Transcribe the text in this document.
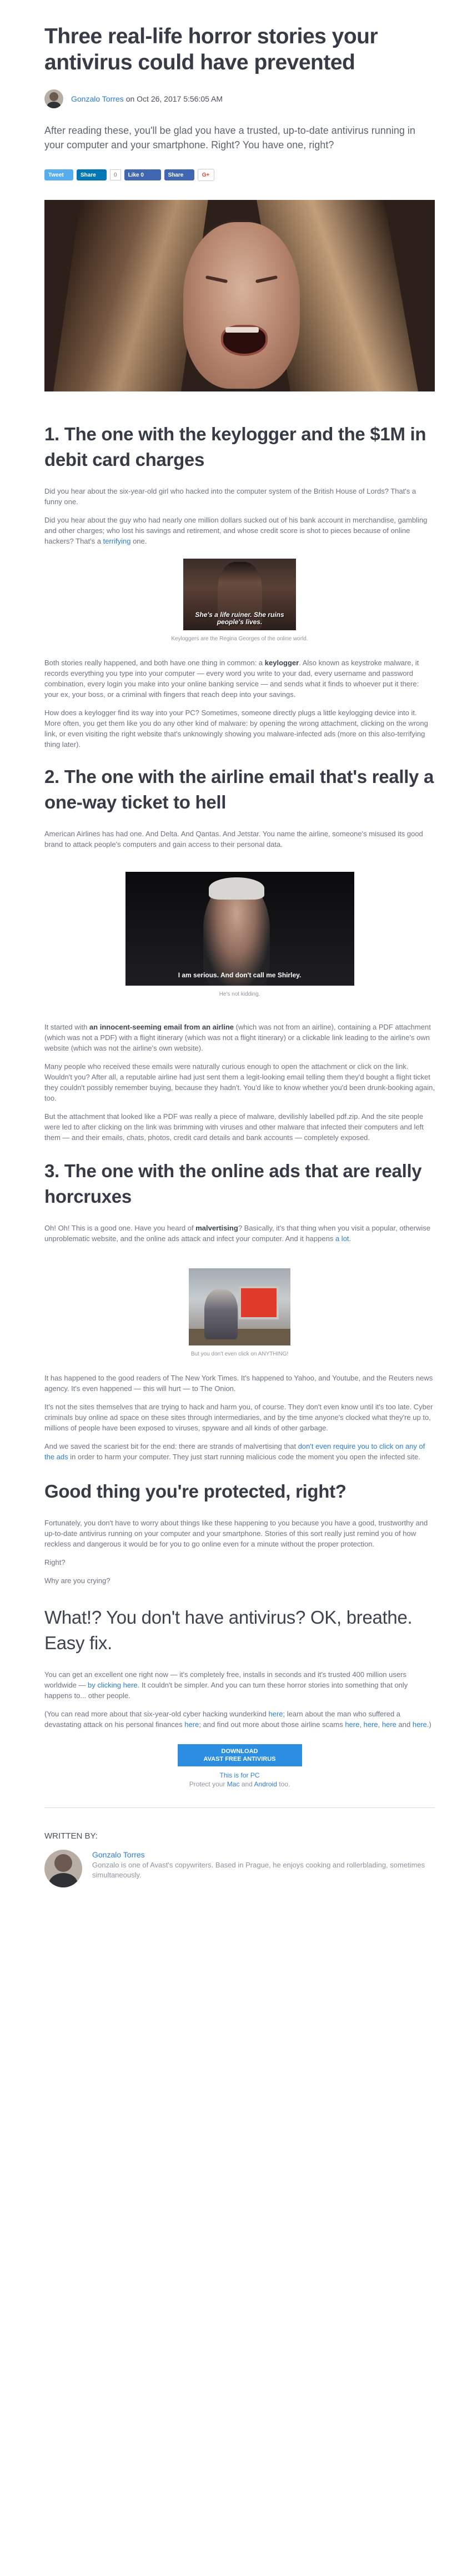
Three real-life horror stories your antivirus could have prevented
Gonzalo Torres on Oct 26, 2017 5:56:05 AM

After reading these, you'll be glad you have a trusted, up-to-date antivirus running in your computer and your smartphone. Right? You have one, right?

Tweet	Share	0	Like 0	Share	G+
1. The one with the keylogger and the $1M in debit card charges

Did you hear about the six-year-old girl who hacked into the computer system of the British House of Lords? That's a funny one.

Did you hear about the guy who had nearly one million dollars sucked out of his bank account in merchandise, gambling and other charges; who lost his savings and retirement, and whose credit score is shot to pieces because of online hackers? That's a terrifying one.

She's a life ruiner. She ruins people's lives.
Keyloggers are the Regina Georges of the online world.

Both stories really happened, and both have one thing in common: a keylogger. Also known as keystroke malware, it records everything you type into your computer — every word you write to your dad, every username and password combination, every login you make into your online banking service — and sends what it finds to whoever put it there: your ex, your boss, or a criminal with fingers that reach deep into your savings.

How does a keylogger find its way into your PC? Sometimes, someone directly plugs a little keylogging device into it. More often, you get them like you do any other kind of malware: by opening the wrong attachment, clicking on the wrong link, or even visiting the right website that's unknowingly showing you malware-infected ads (more on this also-terrifying thing later).

2. The one with the airline email that's really a one-way ticket to hell

American Airlines has had one. And Delta. And Qantas. And Jetstar. You name the airline, someone's misused its good brand to attack people's computers and gain access to their personal data.

I am serious. And don't call me Shirley.
He's not kidding.

It started with an innocent-seeming email from an airline (which was not from an airline), containing a PDF attachment (which was not a PDF) with a flight itinerary (which was not a flight itinerary) or a clickable link leading to the airline's own website (which was not the airline's own website).

Many people who received these emails were naturally curious enough to open the attachment or click on the link. Wouldn't you? After all, a reputable airline had just sent them a legit-looking email telling them they'd bought a flight ticket they couldn't possibly remember buying, because they hadn't. You'd like to know whether you'd been drunk-booking again, too.

But the attachment that looked like a PDF was really a piece of malware, devilishly labelled pdf.zip. And the site people were led to after clicking on the link was brimming with viruses and other malware that infected their computers and left them — and their emails, chats, photos, credit card details and bank accounts — completely exposed.

3. The one with the online ads that are really horcruxes

Oh! Oh! This is a good one. Have you heard of malvertising? Basically, it's that thing when you visit a popular, otherwise unproblematic website, and the online ads attack and infect your computer. And it happens a lot.

But you don't even click on ANYTHING!

It has happened to the good readers of The New York Times. It's happened to Yahoo, and Youtube, and the Reuters news agency. It's even happened — this will hurt — to The Onion.

It's not the sites themselves that are trying to hack and harm you, of course. They don't even know until it's too late. Cyber criminals buy online ad space on these sites through intermediaries, and by the time anyone's clocked what they're up to, millions of people have been exposed to viruses, spyware and all kinds of other garbage.

And we saved the scariest bit for the end: there are strands of malvertising that don't even require you to click on any of the ads in order to harm your computer. They just start running malicious code the moment you open the infected site.

Good thing you're protected, right?

Fortunately, you don't have to worry about things like these happening to you because you have a good, trustworthy and up-to-date antivirus running on your computer and your smartphone. Stories of this sort really just remind you of how reckless and dangerous it would be for you to go online even for a minute without the proper protection.

Right?

Why are you crying?

What!? You don't have antivirus? OK, breathe. Easy fix.

You can get an excellent one right now — it's completely free, installs in seconds and it's trusted 400 million users worldwide — by clicking here. It couldn't be simpler. And you can turn these horror stories into something that only happens to... other people.

(You can read more about that six-year-old cyber hacking wunderkind here; learn about the man who suffered a devastating attack on his personal finances here; and find out more about those airline scams here, here, here and here.)

DOWNLOAD
AVAST FREE ANTIVIRUS
This is for PC
Protect your Mac and Android too.
WRITTEN BY:
Gonzalo Torres
Gonzalo is one of Avast's copywriters. Based in Prague, he enjoys cooking and rollerblading, sometimes simultaneously.
